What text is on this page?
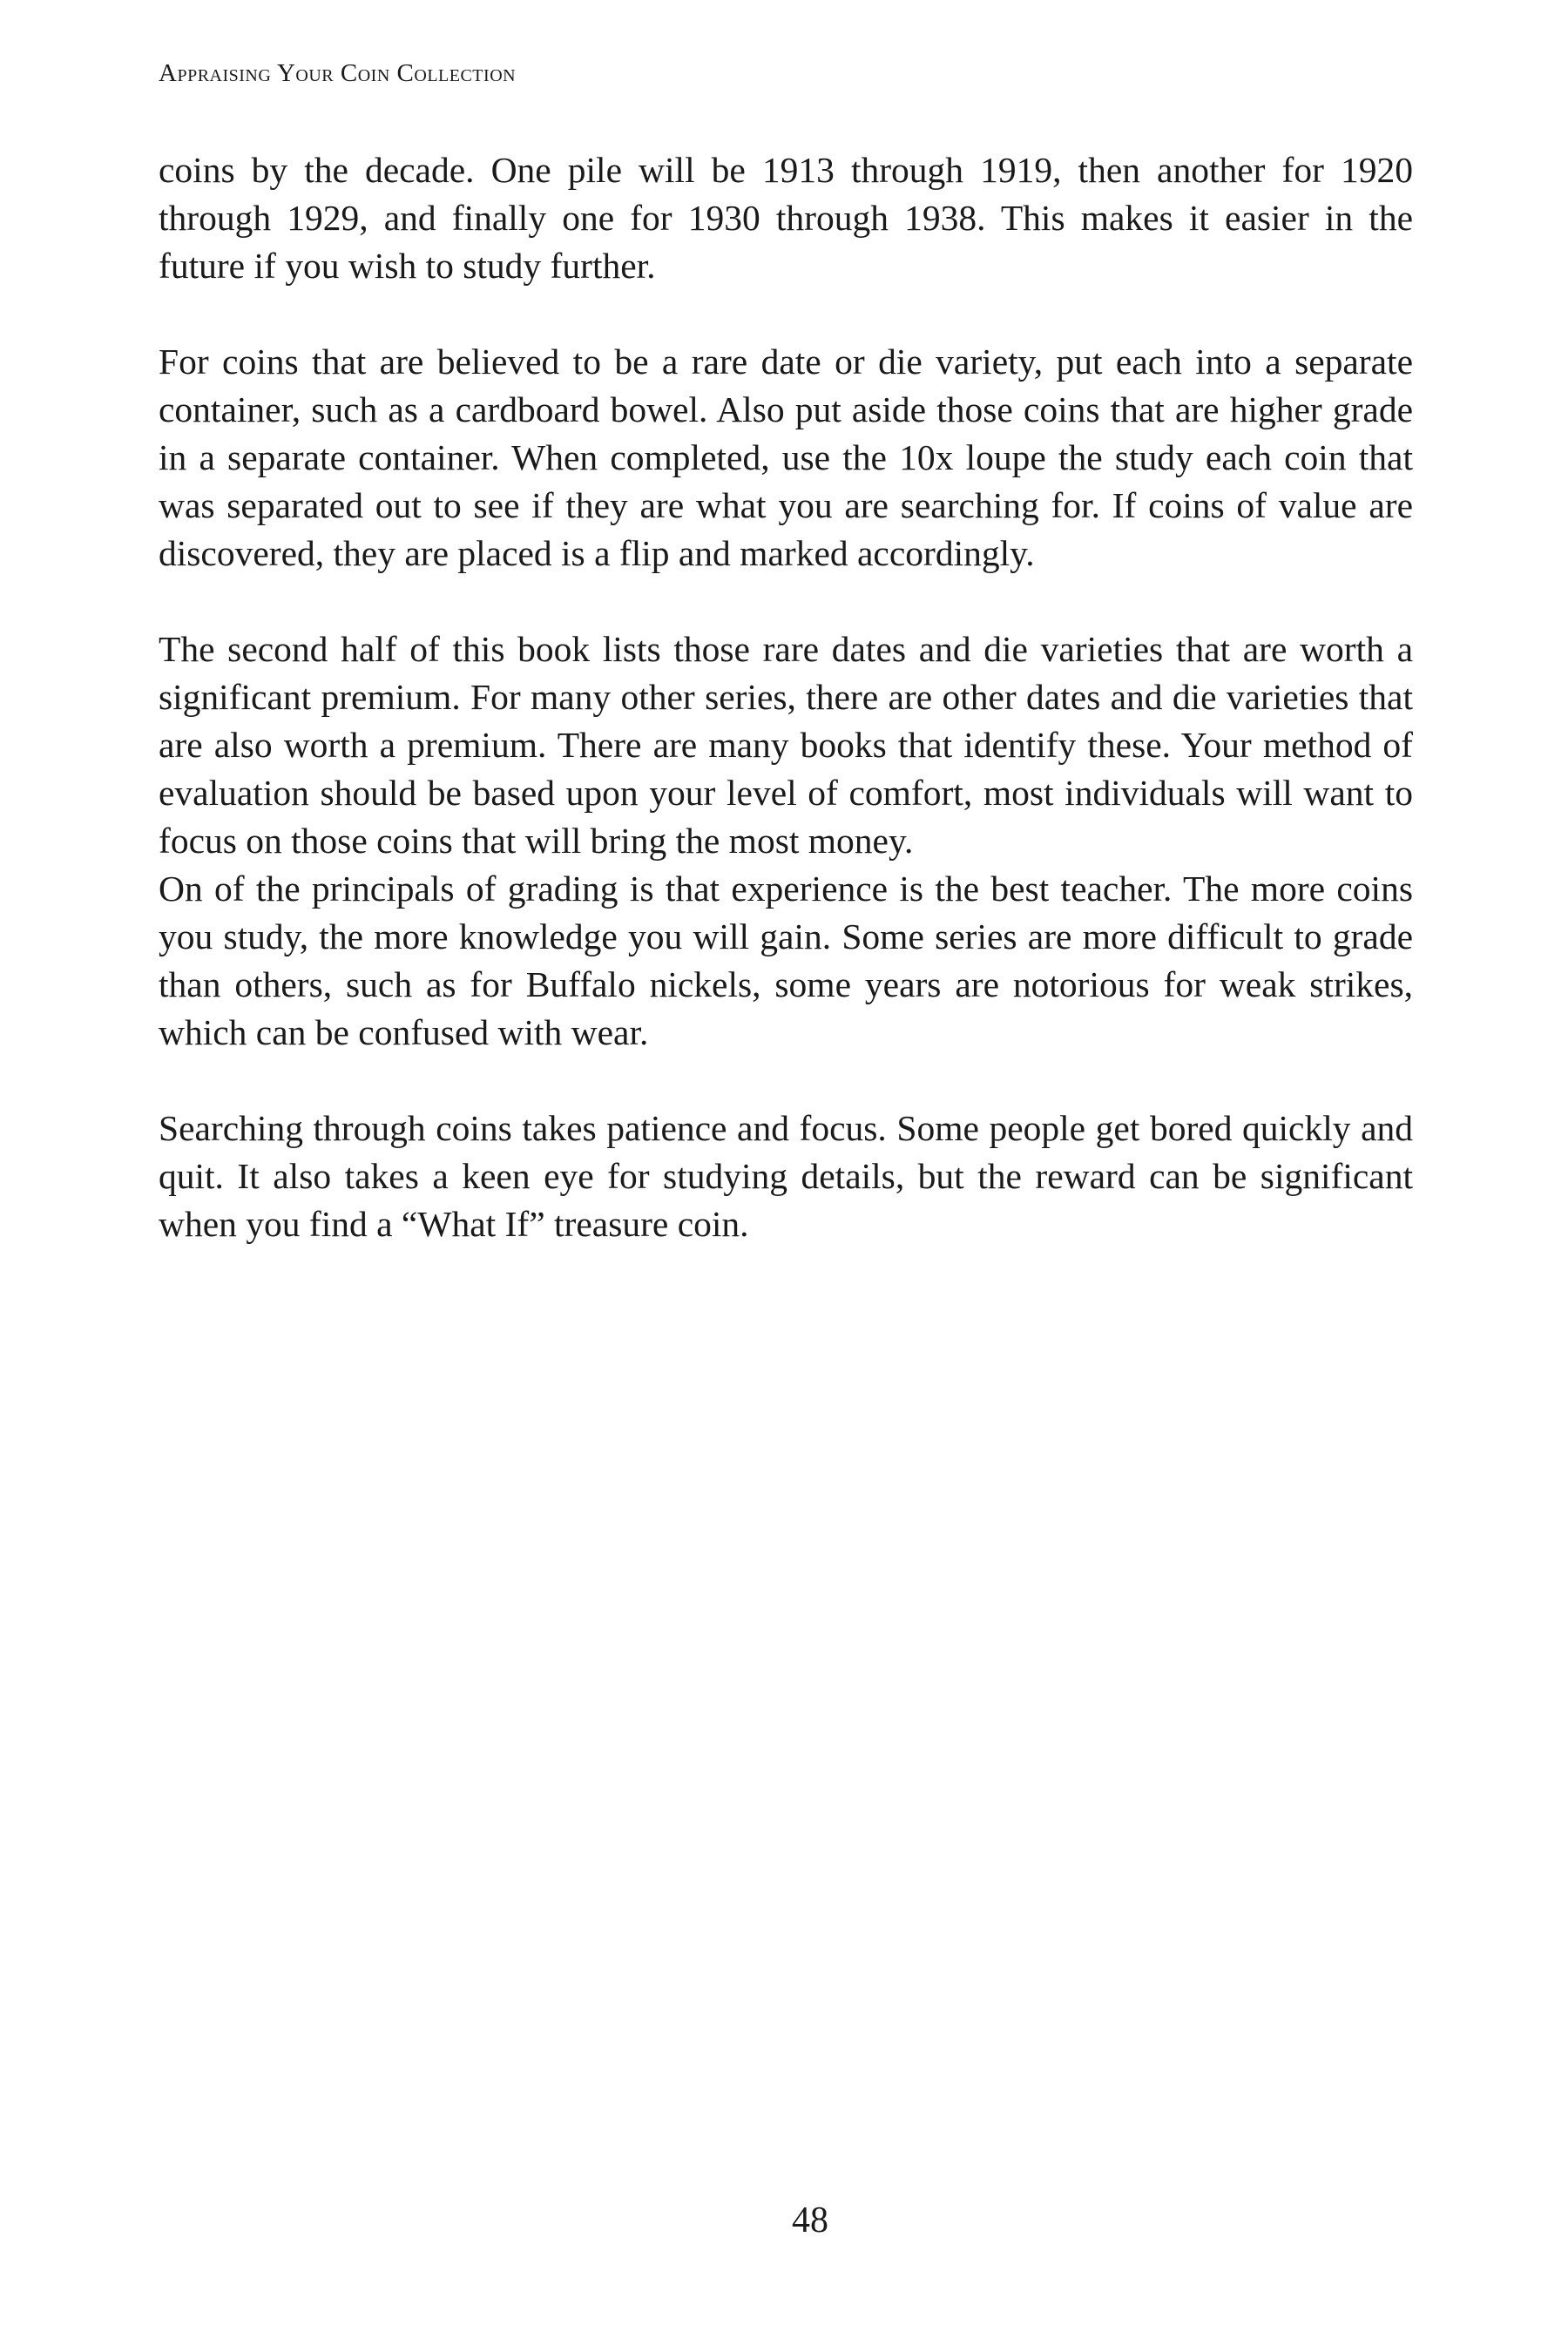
Appraising Your Coin Collection

coins by the decade. One pile will be 1913 through 1919, then another for 1920 through 1929, and finally one for 1930 through 1938. This makes it easier in the future if you wish to study further.

For coins that are believed to be a rare date or die variety, put each into a separate container, such as a cardboard bowel. Also put aside those coins that are higher grade in a separate container. When completed, use the 10x loupe the study each coin that was separated out to see if they are what you are searching for. If coins of value are discovered, they are placed is a flip and marked accordingly.

The second half of this book lists those rare dates and die varieties that are worth a significant premium. For many other series, there are other dates and die varieties that are also worth a premium. There are many books that identify these. Your method of evaluation should be based upon your level of comfort, most individuals will want to focus on those coins that will bring the most money.

On of the principals of grading is that experience is the best teacher. The more coins you study, the more knowledge you will gain. Some series are more difficult to grade than others, such as for Buffalo nickels, some years are notorious for weak strikes, which can be confused with wear.

Searching through coins takes patience and focus. Some people get bored quickly and quit. It also takes a keen eye for studying details, but the reward can be significant when you find a “What If” treasure coin.

48
